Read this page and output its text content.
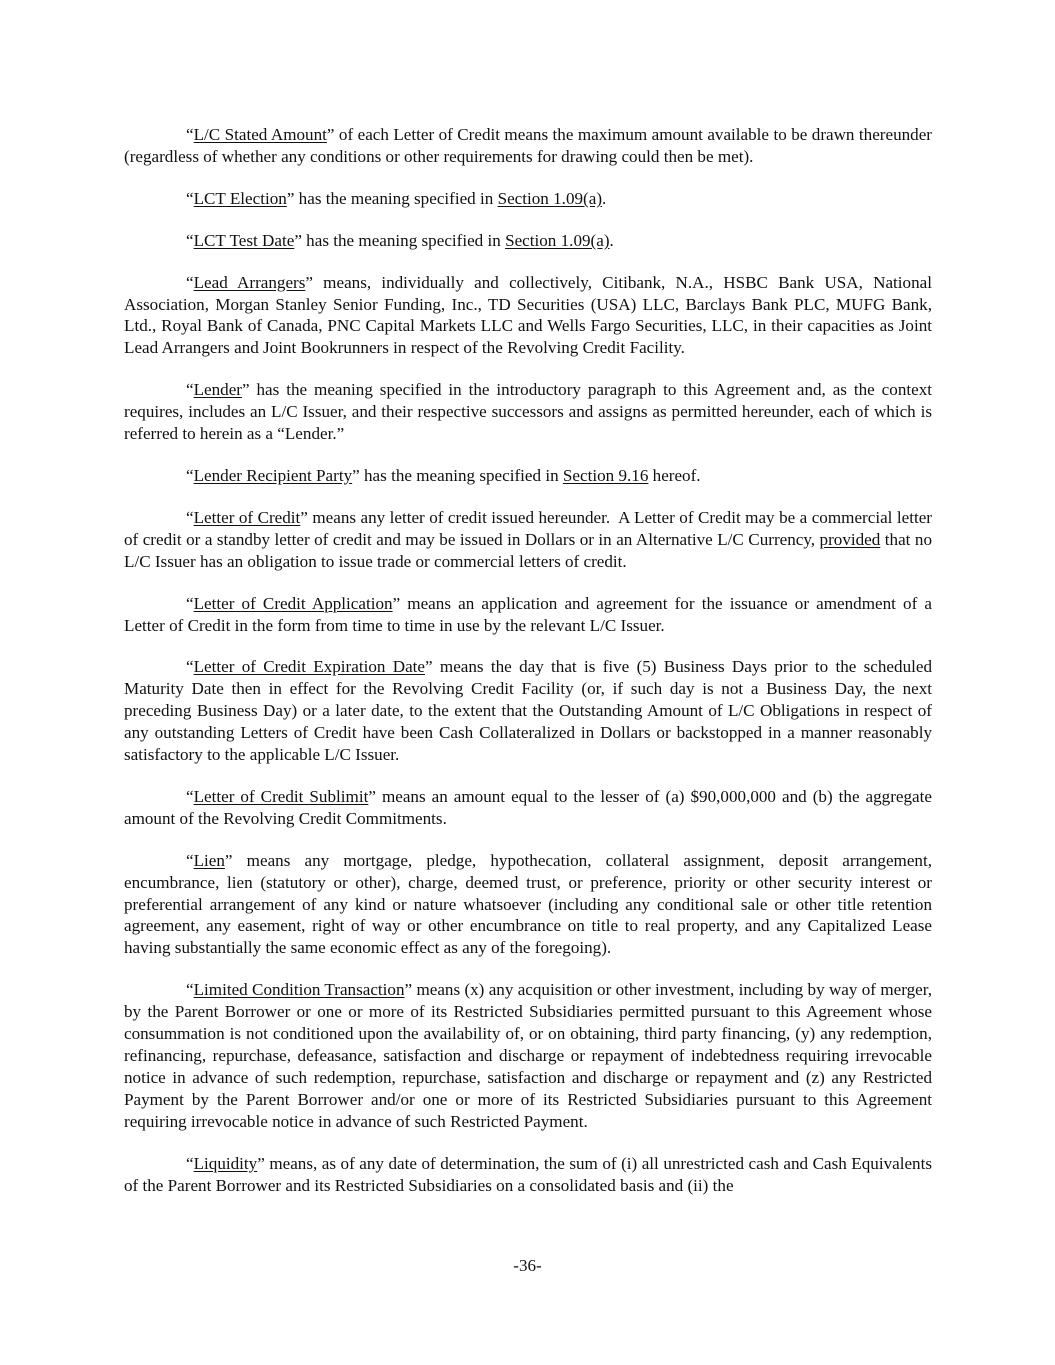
“L/C Stated Amount” of each Letter of Credit means the maximum amount available to be drawn thereunder (regardless of whether any conditions or other requirements for drawing could then be met).

“LCT Election” has the meaning specified in Section 1.09(a).

“LCT Test Date” has the meaning specified in Section 1.09(a).

“Lead Arrangers” means, individually and collectively, Citibank, N.A., HSBC Bank USA, National Association, Morgan Stanley Senior Funding, Inc., TD Securities (USA) LLC, Barclays Bank PLC, MUFG Bank, Ltd., Royal Bank of Canada, PNC Capital Markets LLC and Wells Fargo Securities, LLC, in their capacities as Joint Lead Arrangers and Joint Bookrunners in respect of the Revolving Credit Facility.

“Lender” has the meaning specified in the introductory paragraph to this Agreement and, as the context requires, includes an L/C Issuer, and their respective successors and assigns as permitted hereunder, each of which is referred to herein as a “Lender.”

“Lender Recipient Party” has the meaning specified in Section 9.16 hereof.

“Letter of Credit” means any letter of credit issued hereunder.  A Letter of Credit may be a commercial letter of credit or a standby letter of credit and may be issued in Dollars or in an Alternative L/C Currency, provided that no L/C Issuer has an obligation to issue trade or commercial letters of credit.

“Letter of Credit Application” means an application and agreement for the issuance or amendment of a Letter of Credit in the form from time to time in use by the relevant L/C Issuer.

“Letter of Credit Expiration Date” means the day that is five (5) Business Days prior to the scheduled Maturity Date then in effect for the Revolving Credit Facility (or, if such day is not a Business Day, the next preceding Business Day) or a later date, to the extent that the Outstanding Amount of L/C Obligations in respect of any outstanding Letters of Credit have been Cash Collateralized in Dollars or backstopped in a manner reasonably satisfactory to the applicable L/C Issuer.

“Letter of Credit Sublimit” means an amount equal to the lesser of (a) $90,000,000 and (b) the aggregate amount of the Revolving Credit Commitments.

“Lien” means any mortgage, pledge, hypothecation, collateral assignment, deposit arrangement, encumbrance, lien (statutory or other), charge, deemed trust, or preference, priority or other security interest or preferential arrangement of any kind or nature whatsoever (including any conditional sale or other title retention agreement, any easement, right of way or other encumbrance on title to real property, and any Capitalized Lease having substantially the same economic effect as any of the foregoing).

“Limited Condition Transaction” means (x) any acquisition or other investment, including by way of merger, by the Parent Borrower or one or more of its Restricted Subsidiaries permitted pursuant to this Agreement whose consummation is not conditioned upon the availability of, or on obtaining, third party financing, (y) any redemption, refinancing, repurchase, defeasance, satisfaction and discharge or repayment of indebtedness requiring irrevocable notice in advance of such redemption, repurchase, satisfaction and discharge or repayment and (z) any Restricted Payment by the Parent Borrower and/or one or more of its Restricted Subsidiaries pursuant to this Agreement requiring irrevocable notice in advance of such Restricted Payment.

“Liquidity” means, as of any date of determination, the sum of (i) all unrestricted cash and Cash Equivalents of the Parent Borrower and its Restricted Subsidiaries on a consolidated basis and (ii) the

-36-
